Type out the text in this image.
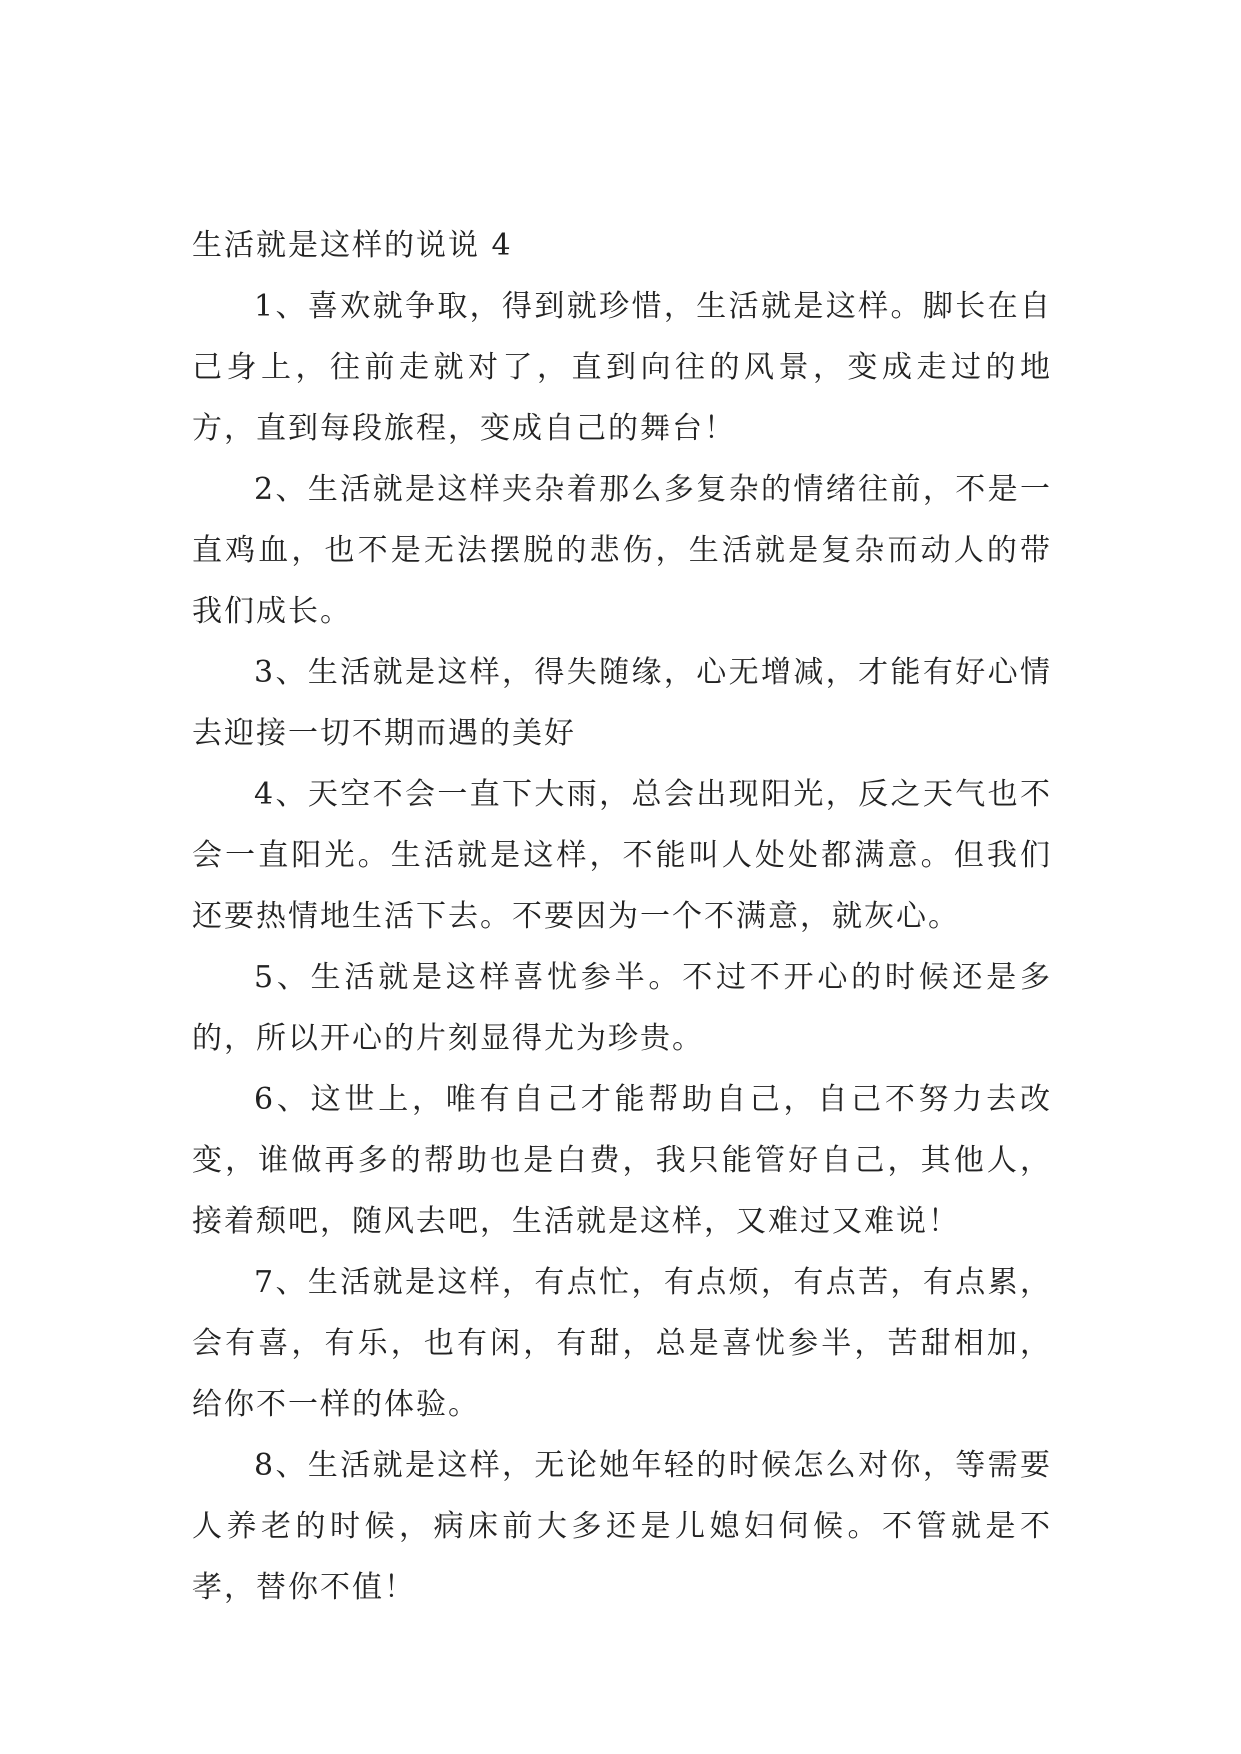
生活就是这样的说说 4

1、喜欢就争取，得到就珍惜，生活就是这样。脚长在自己身上，往前走就对了，直到向往的风景，变成走过的地方，直到每段旅程，变成自己的舞台！

2、生活就是这样夹杂着那么多复杂的情绪往前，不是一直鸡血，也不是无法摆脱的悲伤，生活就是复杂而动人的带我们成长。

3、生活就是这样，得失随缘，心无增减，才能有好心情去迎接一切不期而遇的美好

4、天空不会一直下大雨，总会出现阳光，反之天气也不会一直阳光。生活就是这样，不能叫人处处都满意。但我们还要热情地生活下去。不要因为一个不满意，就灰心。

5、生活就是这样喜忧参半。不过不开心的时候还是多的，所以开心的片刻显得尤为珍贵。

6、这世上，唯有自己才能帮助自己，自己不努力去改变，谁做再多的帮助也是白费，我只能管好自己，其他人，接着颓吧，随风去吧，生活就是这样，又难过又难说！

7、生活就是这样，有点忙，有点烦，有点苦，有点累，会有喜，有乐，也有闲，有甜，总是喜忧参半，苦甜相加，给你不一样的体验。

8、生活就是这样，无论她年轻的时候怎么对你，等需要人养老的时候，病床前大多还是儿媳妇伺候。不管就是不孝，替你不值！
